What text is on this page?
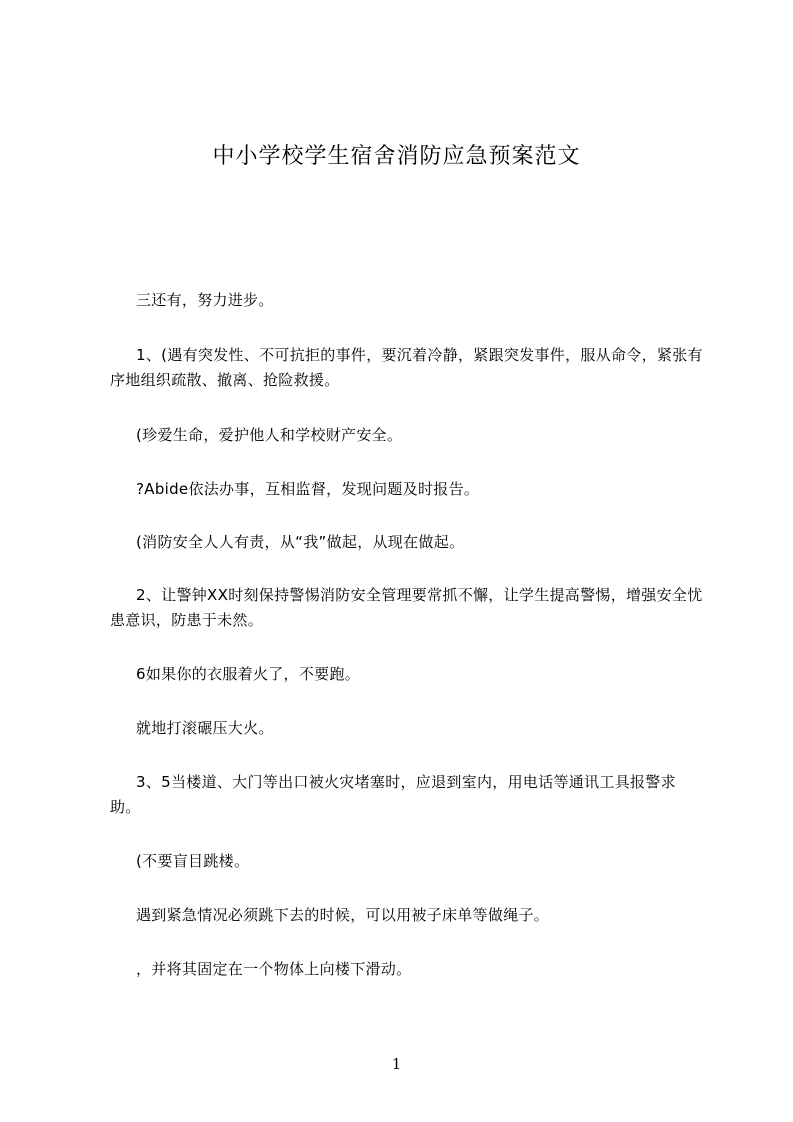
中小学校学生宿舍消防应急预案范文

三还有，努力进步。

1、(遇有突发性、不可抗拒的事件，要沉着冷静，紧跟突发事件，服从命令，紧张有序地组织疏散、撤离、抢险救援。

(珍爱生命，爱护他人和学校财产安全。

?Abide依法办事，互相监督，发现问题及时报告。

(消防安全人人有责，从“我”做起，从现在做起。

2、让警钟XX时刻保持警惕消防安全管理要常抓不懈，让学生提高警惕，增强安全忧患意识，防患于未然。

6如果你的衣服着火了，不要跑。

就地打滚碾压大火。

3、5当楼道、大门等出口被火灾堵塞时，应退到室内，用电话等通讯工具报警求助。

(不要盲目跳楼。

遇到紧急情况必须跳下去的时候，可以用被子床单等做绳子。

，并将其固定在一个物体上向楼下滑动。

1
